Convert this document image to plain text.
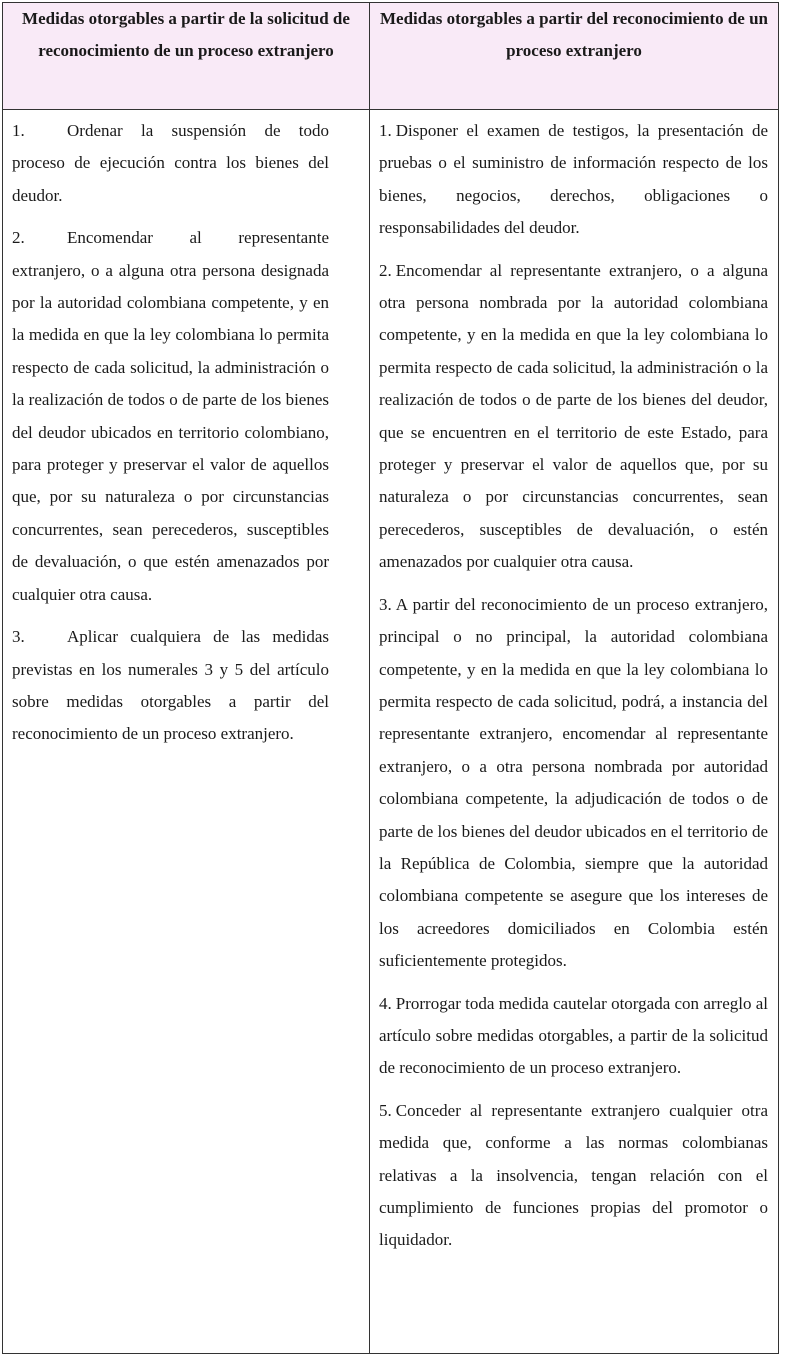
Medidas otorgables a partir de la solicitud de reconocimiento de un proceso extranjero
Medidas otorgables a partir del reconocimiento de un proceso extranjero

1. Ordenar la suspensión de todo proceso de ejecución contra los bienes del deudor.

2. Encomendar al representante extranjero, o a alguna otra persona designada por la autoridad colombiana competente, y en la medida en que la ley colombiana lo permita respecto de cada solicitud, la administración o la realización de todos o de parte de los bienes del deudor ubicados en territorio colombiano, para proteger y preservar el valor de aquellos que, por su naturaleza o por circunstancias concurrentes, sean perecederos, susceptibles de devaluación, o que estén amenazados por cualquier otra causa.

3. Aplicar cualquiera de las medidas previstas en los numerales 3 y 5 del artículo sobre medidas otorgables a partir del reconocimiento de un proceso extranjero.

1. Disponer el examen de testigos, la presentación de pruebas o el suministro de información respecto de los bienes, negocios, derechos, obligaciones o responsabilidades del deudor.

2. Encomendar al representante extranjero, o a alguna otra persona nombrada por la autoridad colombiana competente, y en la medida en que la ley colombiana lo permita respecto de cada solicitud, la administración o la realización de todos o de parte de los bienes del deudor, que se encuentren en el territorio de este Estado, para proteger y preservar el valor de aquellos que, por su naturaleza o por circunstancias concurrentes, sean perecederos, susceptibles de devaluación, o estén amenazados por cualquier otra causa.

3. A partir del reconocimiento de un proceso extranjero, principal o no principal, la autoridad colombiana competente, y en la medida en que la ley colombiana lo permita respecto de cada solicitud, podrá, a instancia del representante extranjero, encomendar al representante extranjero, o a otra persona nombrada por autoridad colombiana competente, la adjudicación de todos o de parte de los bienes del deudor ubicados en el territorio de la República de Colombia, siempre que la autoridad colombiana competente se asegure que los intereses de los acreedores domiciliados en Colombia estén suficientemente protegidos.

4. Prorrogar toda medida cautelar otorgada con arreglo al artículo sobre medidas otorgables, a partir de la solicitud de reconocimiento de un proceso extranjero.

5. Conceder al representante extranjero cualquier otra medida que, conforme a las normas colombianas relativas a la insolvencia, tengan relación con el cumplimiento de funciones propias del promotor o liquidador.
